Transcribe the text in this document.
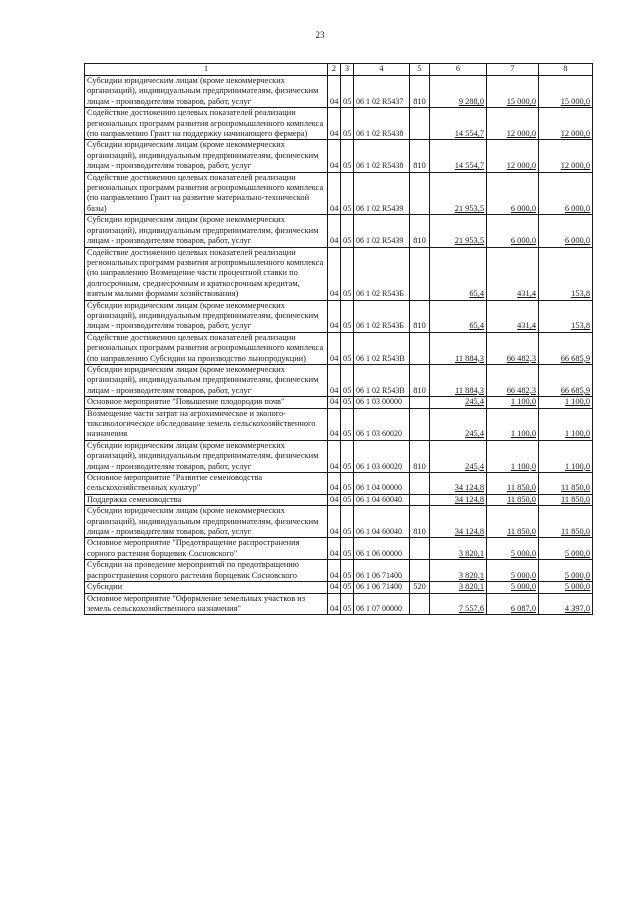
23
1	2	3	4	5	6	7	8
Субсидии юридическим лицам (кроме некоммерческих организаций), индивидуальным предпринимателям, физическим лицам - производителям товаров, работ, услуг	04	05	06 1 02 R5437	810	9 288,0	15 000,0	15 000,0
Содействие достижению целевых показателей реализации региональных программ развития агропромышленного комплекса (по направлению Грант на поддержку начинающего фермера)	04	05	06 1 02 R5438		14 554,7	12 000,0	12 000,0
Субсидии юридическим лицам (кроме некоммерческих организаций), индивидуальным предпринимателям, физическим лицам - производителям товаров, работ, услуг	04	05	06 1 02 R5438	810	14 554,7	12 000,0	12 000,0
Содействие достижению целевых показателей реализации региональных программ развития агропромышленного комплекса (по направлению Грант на развитие материально-технической базы)	04	05	06 1 02 R5439		21 953,5	6 000,0	6 000,0
Субсидии юридическим лицам (кроме некоммерческих организаций), индивидуальным предпринимателям, физическим лицам - производителям товаров, работ, услуг	04	05	06 1 02 R5439	810	21 953,5	6 000,0	6 000,0
Содействие достижению целевых показателей реализации региональных программ развития агропромышленного комплекса (по направлению Возмещение части процентной ставки по долгосрочным, среднесрочным и краткосрочным кредитам, взятым малыми формами хозяйствования)	04	05	06 1 02 R543Б		65,4	431,4	153,8
Субсидии юридическим лицам (кроме некоммерческих организаций), индивидуальным предпринимателям, физическим лицам - производителям товаров, работ, услуг	04	05	06 1 02 R543Б	810	65,4	431,4	153,8
Содействие достижению целевых показателей реализации региональных программ развития агропромышленного комплекса (по направлению Субсидии на производство льнопродукции)	04	05	06 1 02 R543В		11 884,3	66 482,3	66 685,9
Субсидии юридическим лицам (кроме некоммерческих организаций), индивидуальным предпринимателям, физическим лицам - производителям товаров, работ, услуг	04	05	06 1 02 R543В	810	11 884,3	66 482,3	66 685,9
Основное мероприятие "Повышение плодородия почв"	04	05	06 1 03 00000		245,4	1 100,0	1 100,0
Возмещение части затрат на агрохимическое и эколого-токсикологическое обследование земель сельскохозяйственного назначения	04	05	06 1 03 60020		245,4	1 100,0	1 100,0
Субсидии юридическим лицам (кроме некоммерческих организаций), индивидуальным предпринимателям, физическим лицам - производителям товаров, работ, услуг	04	05	06 1 03 60020	810	245,4	1 100,0	1 100,0
Основное мероприятие "Развитие семеноводства сельскохозяйственных культур"	04	05	06 1 04 00000		34 124,8	11 850,0	11 850,0
Поддержка семеноводства	04	05	06 1 04 60040		34 124,8	11 850,0	11 850,0
Субсидии юридическим лицам (кроме некоммерческих организаций), индивидуальным предпринимателям, физическим лицам - производителям товаров, работ, услуг	04	05	06 1 04 60040	810	34 124,8	11 850,0	11 850,0
Основное мероприятие "Предотвращение распространения сорного растения борщевик Сосновского"	04	05	06 1 06 00000		3 820,1	5 000,0	5 000,0
Субсидии на проведение мероприятий по предотвращению распространения сорного растения борщевик Сосновского	04	05	06 1 06 71400		3 820,1	5 000,0	5 000,0
Субсидии	04	05	06 1 06 71400	520	3 820,1	5 000,0	5 000,0
Основное мероприятие "Оформление земельных участков из земель сельскохозяйственного назначения"	04	05	06 1 07 00000		7 557,6	6 087,0	4 397,0
